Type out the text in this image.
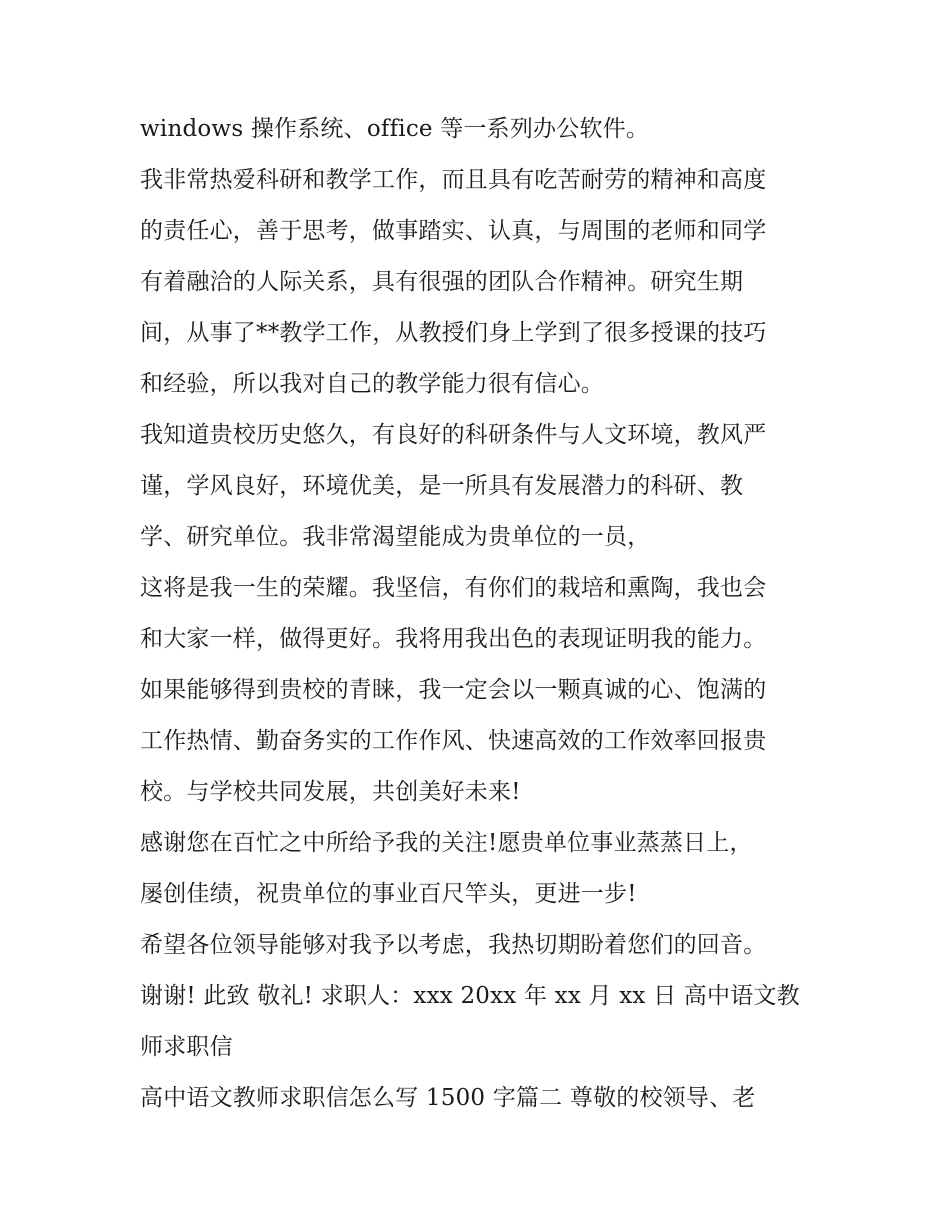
windows 操作系统、office 等一系列办公软件。
我非常热爱科研和教学工作，而且具有吃苦耐劳的精神和高度
的责任心，善于思考，做事踏实、认真，与周围的老师和同学
有着融洽的人际关系，具有很强的团队合作精神。研究生期
间，从事了**教学工作，从教授们身上学到了很多授课的技巧
和经验，所以我对自己的教学能力很有信心。
我知道贵校历史悠久，有良好的科研条件与人文环境，教风严
谨，学风良好，环境优美，是一所具有发展潜力的科研、教
学、研究单位。我非常渴望能成为贵单位的一员，
这将是我一生的荣耀。我坚信，有你们的栽培和熏陶，我也会
和大家一样，做得更好。我将用我出色的表现证明我的能力。
如果能够得到贵校的青睐，我一定会以一颗真诚的心、饱满的
工作热情、勤奋务实的工作作风、快速高效的工作效率回报贵
校。与学校共同发展，共创美好未来!
感谢您在百忙之中所给予我的关注!愿贵单位事业蒸蒸日上，
屡创佳绩，祝贵单位的事业百尺竿头，更进一步!
希望各位领导能够对我予以考虑，我热切期盼着您们的回音。
谢谢! 此致 敬礼! 求职人：xxx 20xx 年 xx 月 xx 日 高中语文教
师求职信
高中语文教师求职信怎么写 1500 字篇二 尊敬的校领导、老
